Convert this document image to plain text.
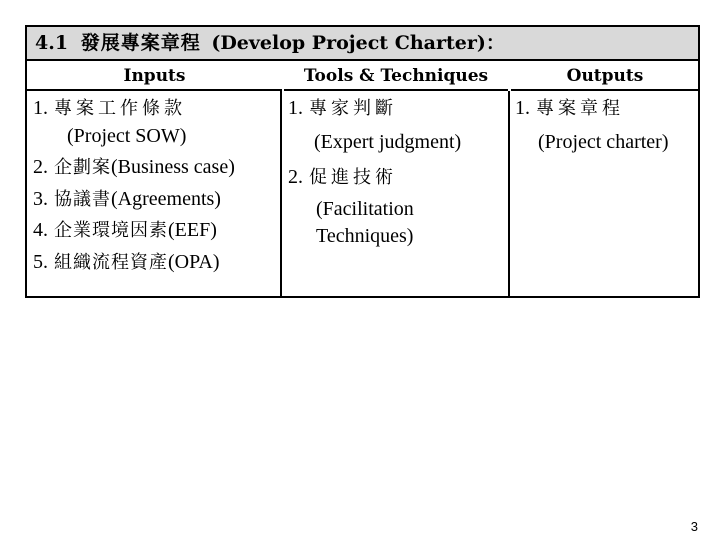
4.1 發展專案章程 (Develop Project Charter)：
Inputs	Tools & Techniques	Outputs
1. 專案工作條款
(Project SOW)
2. 企劃案(Business case)
3. 協議書(Agreements)
4. 企業環境因素(EEF)
5. 組織流程資產(OPA)
1. 專家判斷
(Expert judgment)
2. 促進技術
(Facilitation
Techniques)
1. 專案章程
(Project charter)
3
